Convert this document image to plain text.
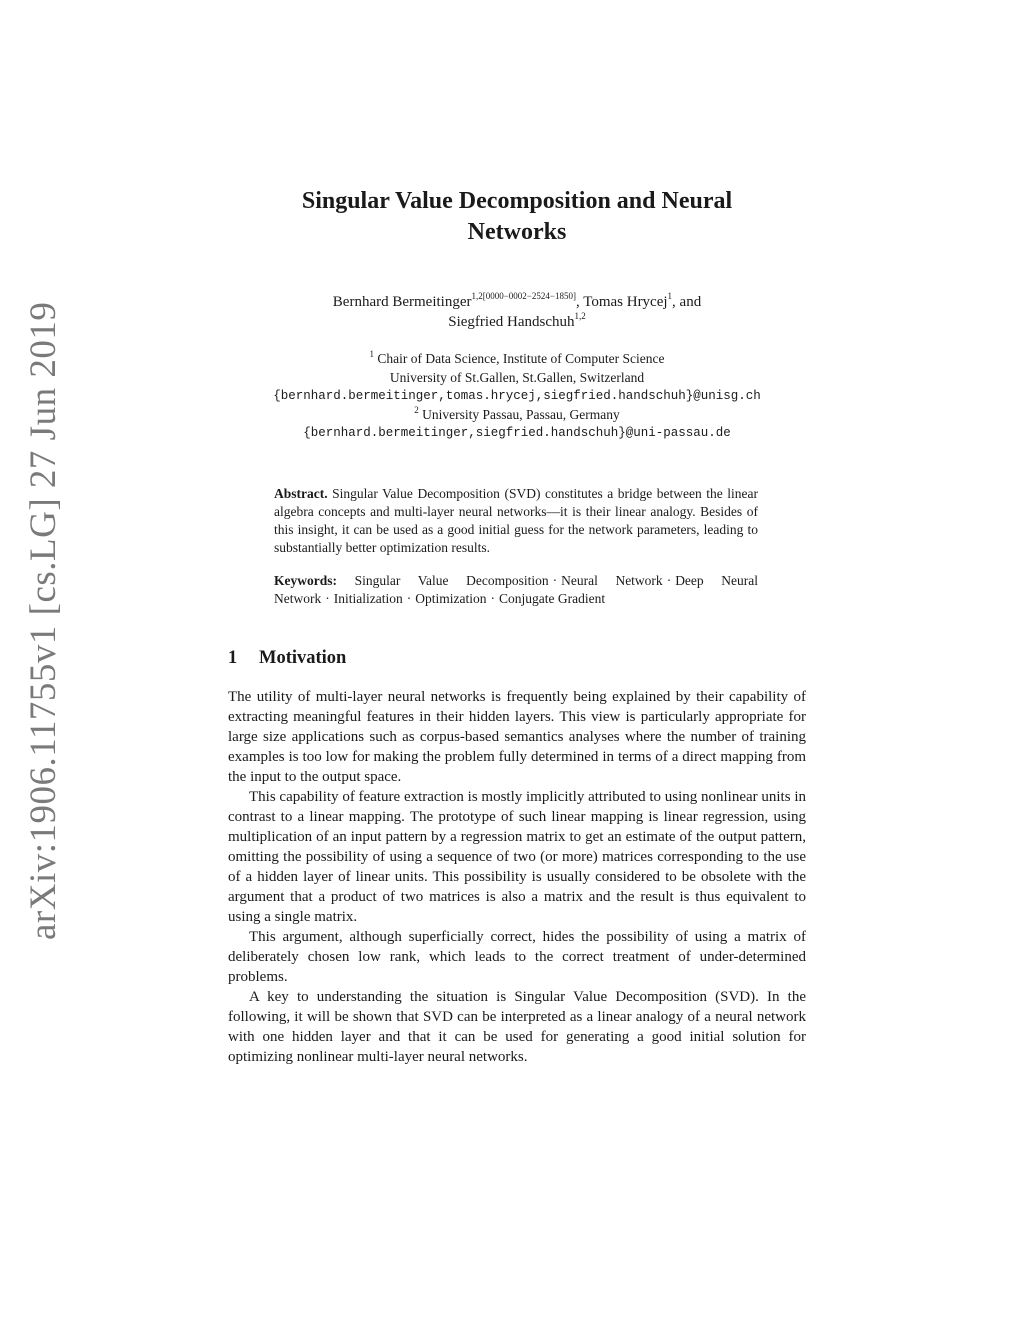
arXiv:1906.11755v1 [cs.LG] 27 Jun 2019
Singular Value Decomposition and Neural
Networks
Bernhard Bermeitinger$^{1,2[0000-0002-2524-1850]}$, Tomas Hrycej$^1$, and
Siegfried Handschuh$^{1,2}$
$^1$ Chair of Data Science, Institute of Computer Science
University of St.Gallen, St.Gallen, Switzerland
{bernhard.bermeitinger,tomas.hrycej,siegfried.handschuh}@unisg.ch
$^2$ University Passau, Passau, Germany
{bernhard.bermeitinger,siegfried.handschuh}@uni-passau.de
Abstract. Singular Value Decomposition (SVD) constitutes a bridge between the linear algebra concepts and multi-layer neural networks—it is their linear analogy. Besides of this insight, it can be used as a good initial guess for the network parameters, leading to substantially better optimization results.
Keywords: Singular Value Decomposition · Neural Network · Deep Neural Network · Initialization · Optimization · Conjugate Gradient
1	Motivation

The utility of multi-layer neural networks is frequently being explained by their capability of extracting meaningful features in their hidden layers. This view is particularly appropriate for large size applications such as corpus-based semantics analyses where the number of training examples is too low for making the problem fully determined in terms of a direct mapping from the input to the output space.

This capability of feature extraction is mostly implicitly attributed to using nonlinear units in contrast to a linear mapping. The prototype of such linear mapping is linear regression, using multiplication of an input pattern by a regression matrix to get an estimate of the output pattern, omitting the possibility of using a sequence of two (or more) matrices corresponding to the use of a hidden layer of linear units. This possibility is usually considered to be obsolete with the argument that a product of two matrices is also a matrix and the result is thus equivalent to using a single matrix.

This argument, although superficially correct, hides the possibility of using a matrix of deliberately chosen low rank, which leads to the correct treatment of under-determined problems.

A key to understanding the situation is Singular Value Decomposition (SVD). In the following, it will be shown that SVD can be interpreted as a linear analogy of a neural network with one hidden layer and that it can be used for generating a good initial solution for optimizing nonlinear multi-layer neural networks.
